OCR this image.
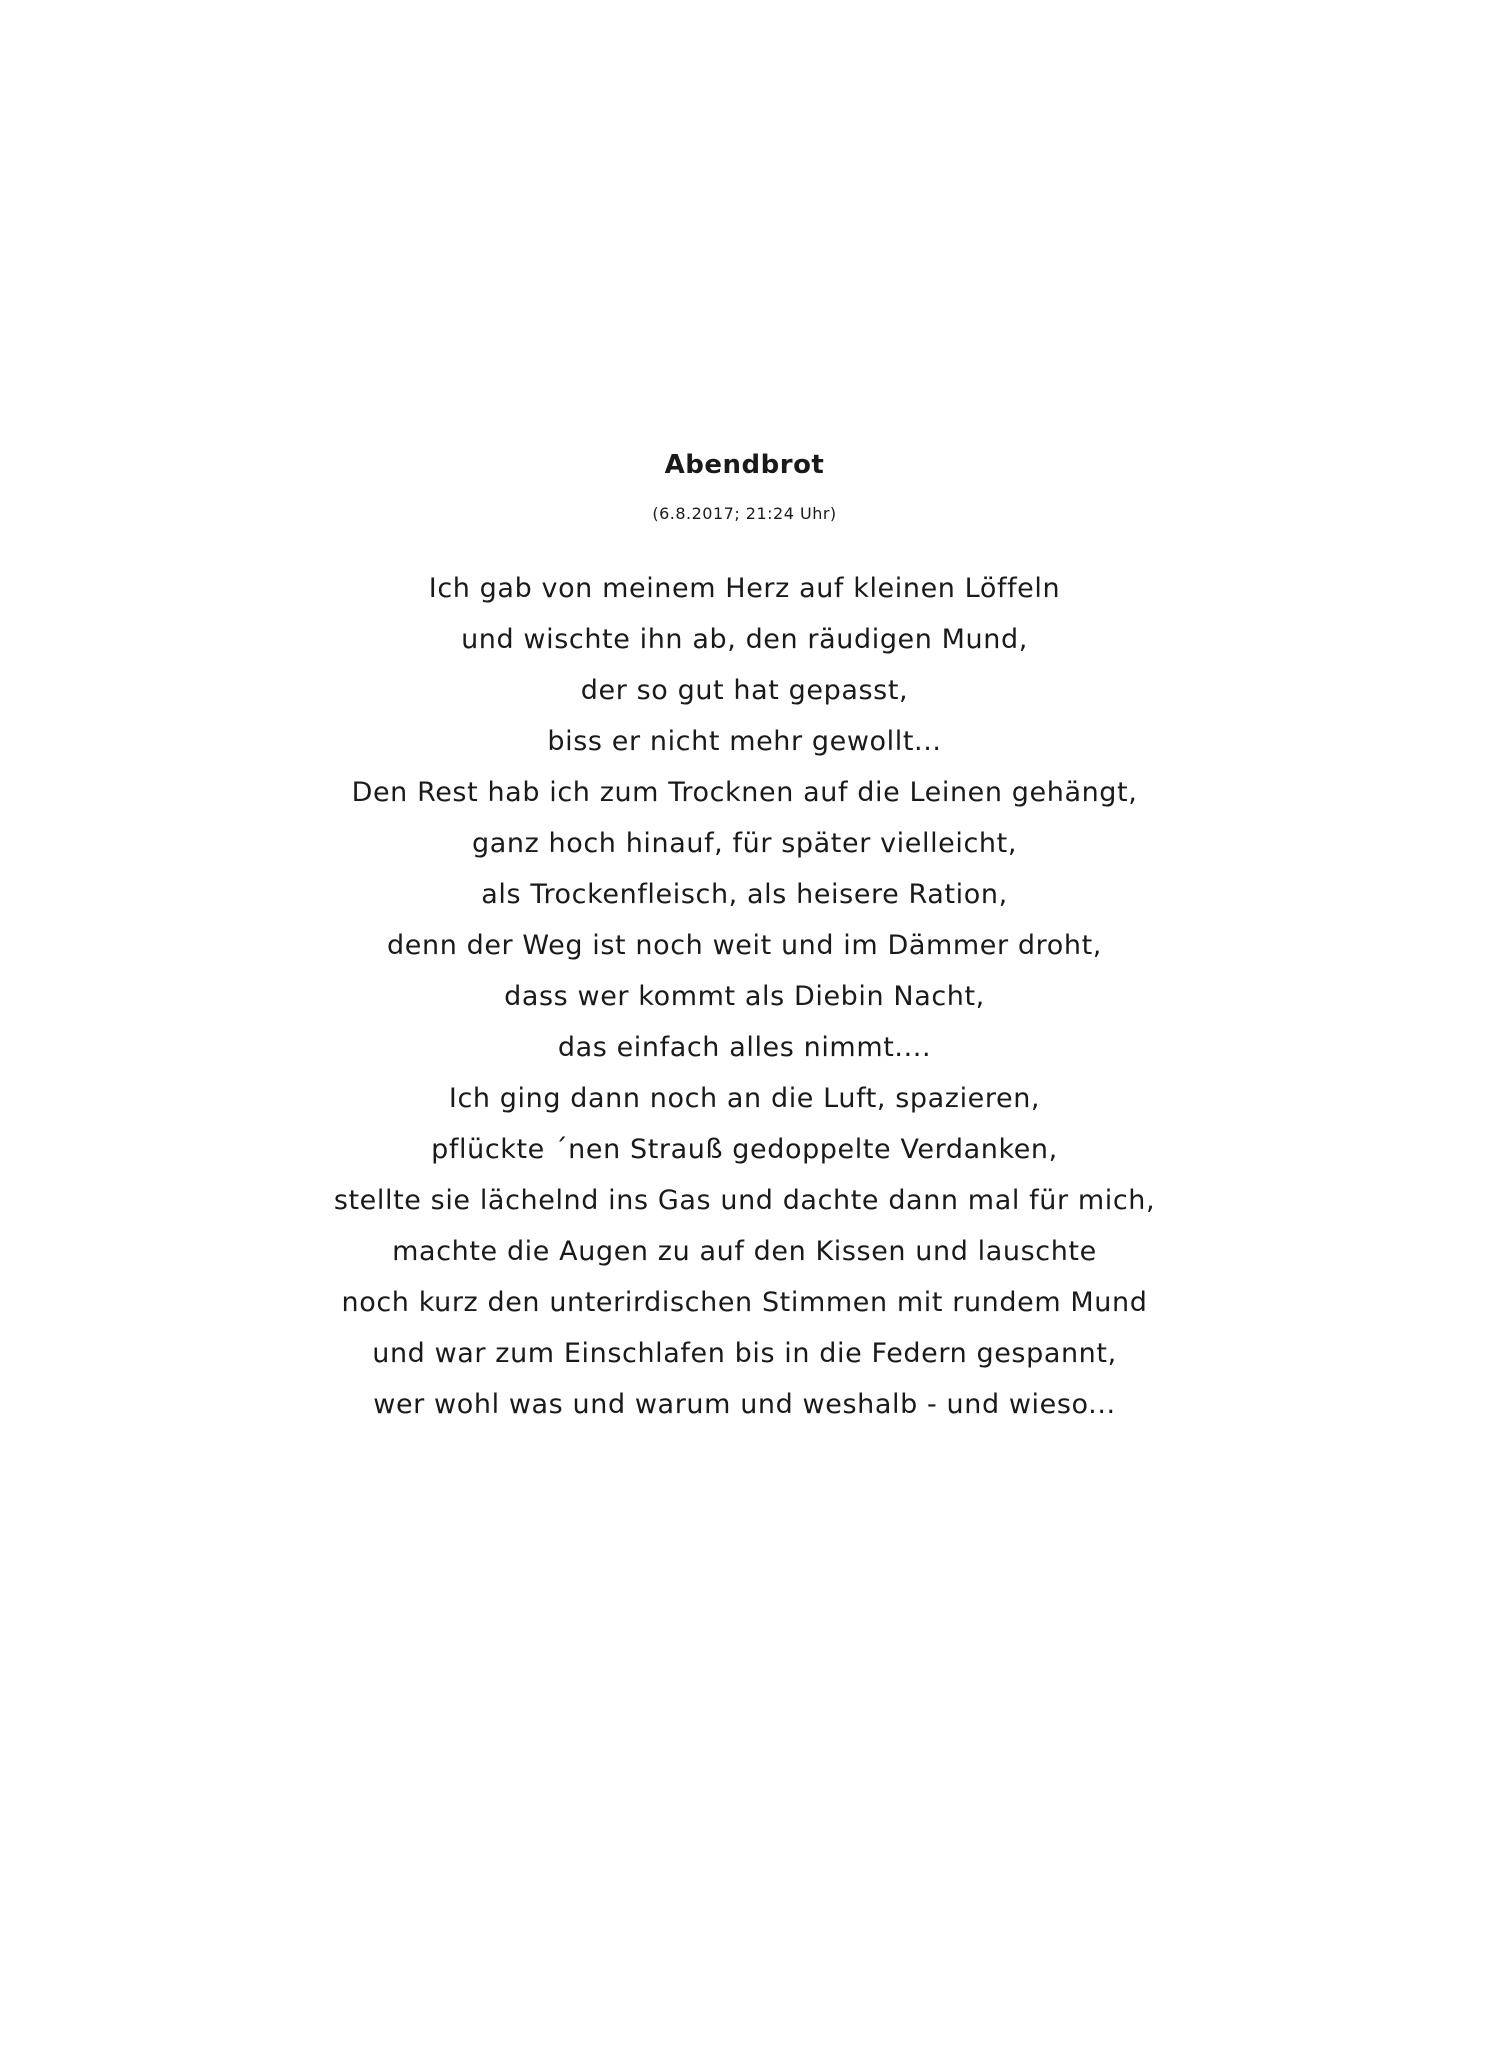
Abendbrot
(6.8.2017; 21:24 Uhr)
Ich gab von meinem Herz auf kleinen Löffeln
und wischte ihn ab, den räudigen Mund,
der so gut hat gepasst,
biss er nicht mehr gewollt...
Den Rest hab ich zum Trocknen auf die Leinen gehängt,
ganz hoch hinauf, für später vielleicht,
als Trockenfleisch, als heisere Ration,
denn der Weg ist noch weit und im Dämmer droht,
dass wer kommt als Diebin Nacht,
das einfach alles nimmt....
Ich ging dann noch an die Luft, spazieren,
pflückte ´nen Strauß gedoppelte Verdanken,
stellte sie lächelnd ins Gas und dachte dann mal für mich,
machte die Augen zu auf den Kissen und lauschte
noch kurz den unterirdischen Stimmen mit rundem Mund
und war zum Einschlafen bis in die Federn gespannt,
wer wohl was und warum und weshalb - und wieso...
